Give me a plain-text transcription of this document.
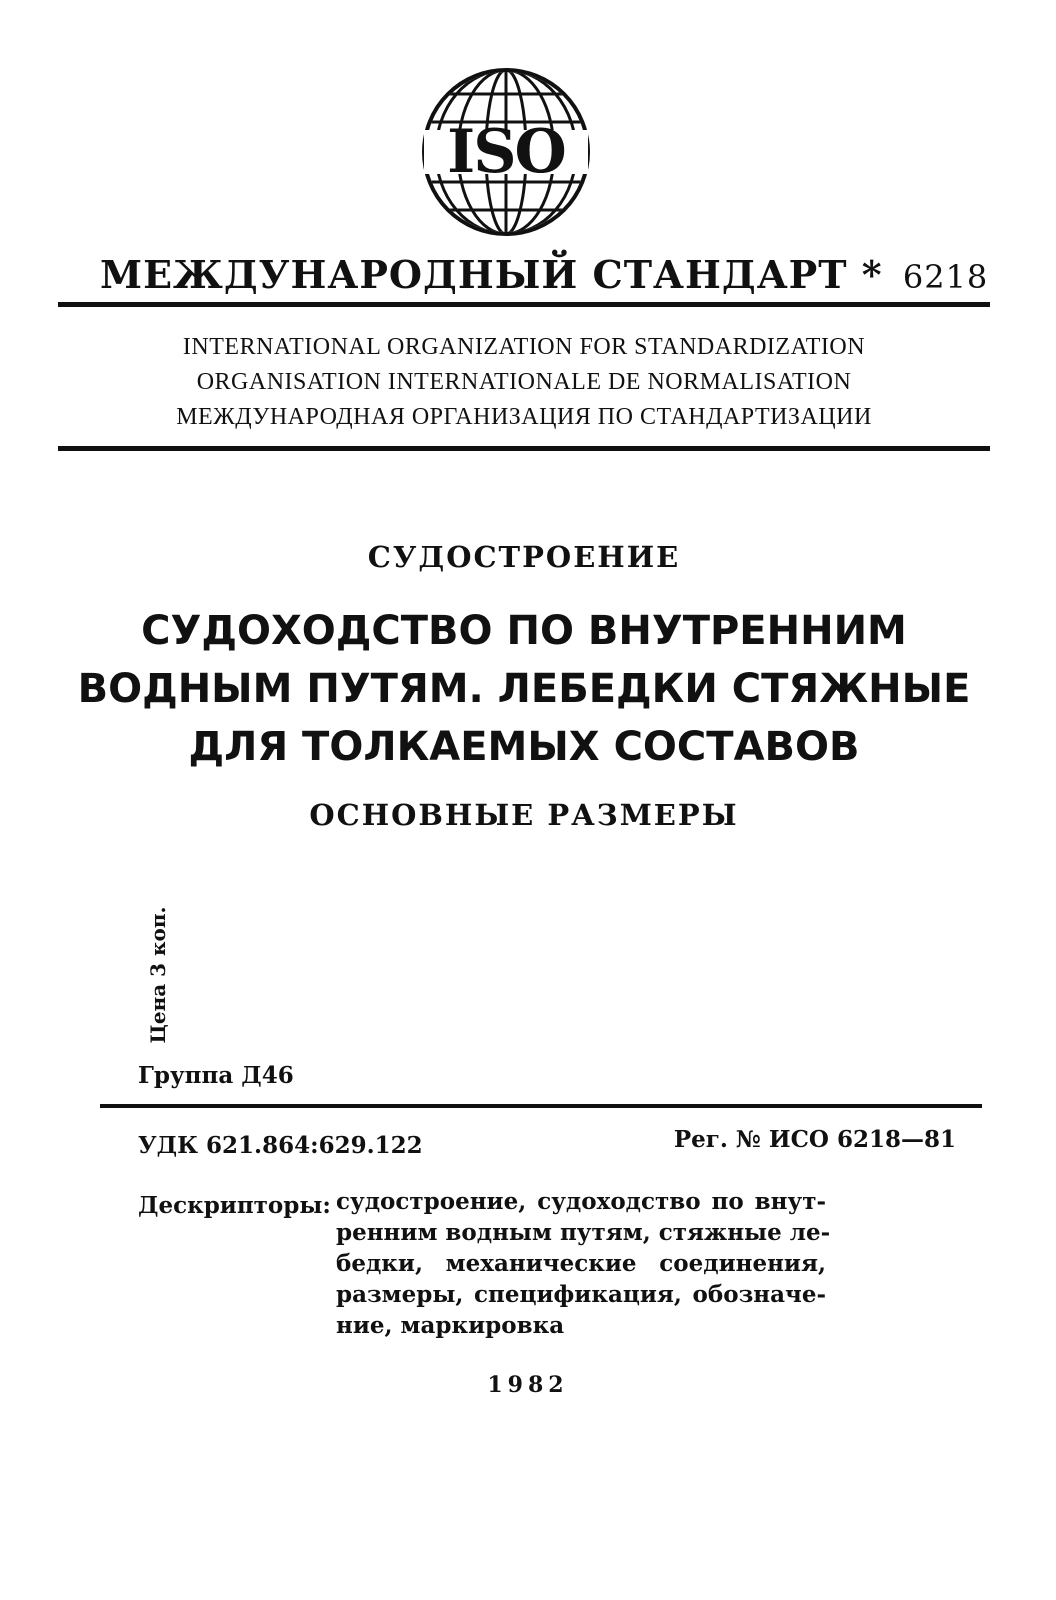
ISO
МЕЖДУНАРОДНЫЙ СТАНДАРТ * 6218
INTERNATIONAL ORGANIZATION FOR STANDARDIZATION
ORGANISATION INTERNATIONALE DE NORMALISATION
МЕЖДУНАРОДНАЯ ОРГАНИЗАЦИЯ ПО СТАНДАРТИЗАЦИИ
СУДОСТРОЕНИЕ
СУДОХОДСТВО ПО ВНУТРЕННИМ
ВОДНЫМ ПУТЯМ. ЛЕБЕДКИ СТЯЖНЫЕ
ДЛЯ ТОЛКАЕМЫХ СОСТАВОВ
ОСНОВНЫЕ РАЗМЕРЫ
Цена 3 коп.
Группа Д46
УДК 621.864:629.122	Рег. № ИСО 6218—81
Дескрипторы: судостроение, судоходство по внут-
ренним водным путям, стяжные ле-
бедки, механические соединения,
размеры, спецификация, обозначе-
ние, маркировка
1982
